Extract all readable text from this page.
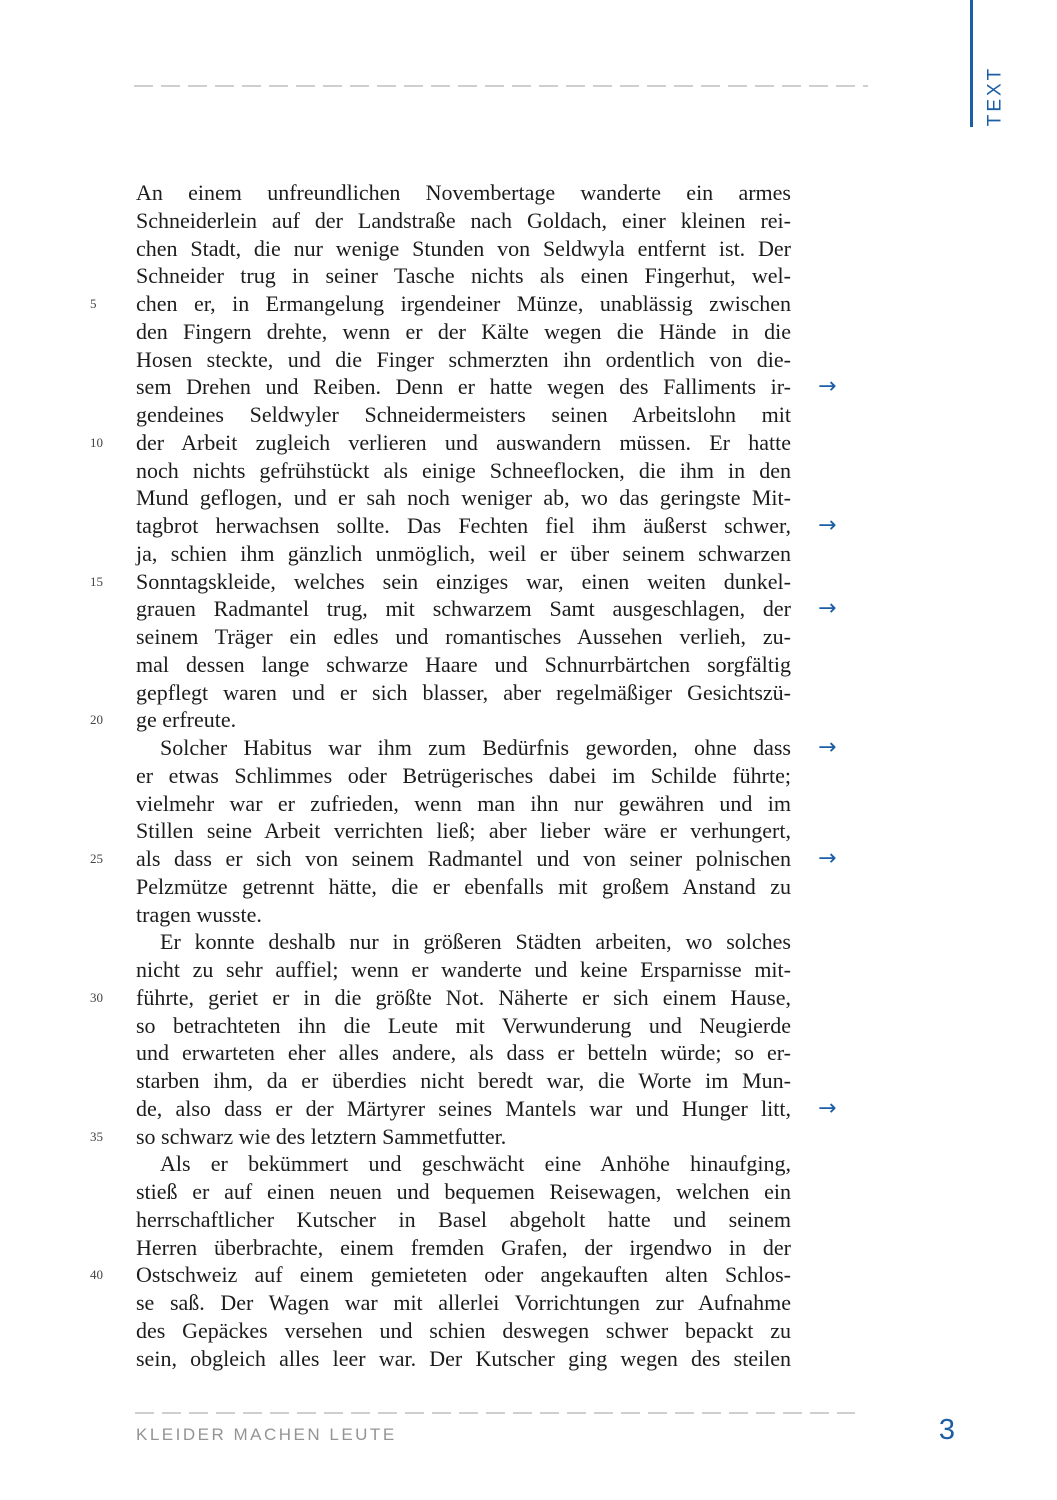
TEXT
An einem unfreundlichen Novembertage wanderte ein armes
Schneiderlein auf der Landstraße nach Goldach, einer kleinen rei-
chen Stadt, die nur wenige Stunden von Seldwyla entfernt ist. Der
Schneider trug in seiner Tasche nichts als einen Fingerhut, wel-
5	chen er, in Ermangelung irgendeiner Münze, unablässig zwischen
den Fingern drehte, wenn er der Kälte wegen die Hände in die
Hosen steckte, und die Finger schmerzten ihn ordentlich von die-
sem Drehen und Reiben. Denn er hatte wegen des Falliments ir- →
gendeines Seldwyler Schneidermeisters seinen Arbeitslohn mit
10	der Arbeit zugleich verlieren und auswandern müssen. Er hatte
noch nichts gefrühstückt als einige Schneeflocken, die ihm in den
Mund geflogen, und er sah noch weniger ab, wo das geringste Mit-
tagbrot herwachsen sollte. Das Fechten fiel ihm äußerst schwer, →
ja, schien ihm gänzlich unmöglich, weil er über seinem schwarzen
15	Sonntagskleide, welches sein einziges war, einen weiten dunkel-
grauen Radmantel trug, mit schwarzem Samt ausgeschlagen, der →
seinem Träger ein edles und romantisches Aussehen verlieh, zu-
mal dessen lange schwarze Haare und Schnurrbärtchen sorgfältig
gepflegt waren und er sich blasser, aber regelmäßiger Gesichtszü-
20	ge erfreute.
Solcher Habitus war ihm zum Bedürfnis geworden, ohne dass →
er etwas Schlimmes oder Betrügerisches dabei im Schilde führte;
vielmehr war er zufrieden, wenn man ihn nur gewähren und im
Stillen seine Arbeit verrichten ließ; aber lieber wäre er verhungert,
25	als dass er sich von seinem Radmantel und von seiner polnischen →
Pelzmütze getrennt hätte, die er ebenfalls mit großem Anstand zu
tragen wusste.
Er konnte deshalb nur in größeren Städten arbeiten, wo solches
nicht zu sehr auffiel; wenn er wanderte und keine Ersparnisse mit-
30	führte, geriet er in die größte Not. Näherte er sich einem Hause,
so betrachteten ihn die Leute mit Verwunderung und Neugierde
und erwarteten eher alles andere, als dass er betteln würde; so er-
starben ihm, da er überdies nicht beredt war, die Worte im Mun-
de, also dass er der Märtyrer seines Mantels war und Hunger litt, →
35	so schwarz wie des letztern Sammetfutter.
Als er bekümmert und geschwächt eine Anhöhe hinaufging,
stieß er auf einen neuen und bequemen Reisewagen, welchen ein
herrschaftlicher Kutscher in Basel abgeholt hatte und seinem
Herren überbrachte, einem fremden Grafen, der irgendwo in der
40	Ostschweiz auf einem gemieteten oder angekauften alten Schlos-
se saß. Der Wagen war mit allerlei Vorrichtungen zur Aufnahme
des Gepäckes versehen und schien deswegen schwer bepackt zu
sein, obgleich alles leer war. Der Kutscher ging wegen des steilen
KLEIDER MACHEN LEUTE	3
